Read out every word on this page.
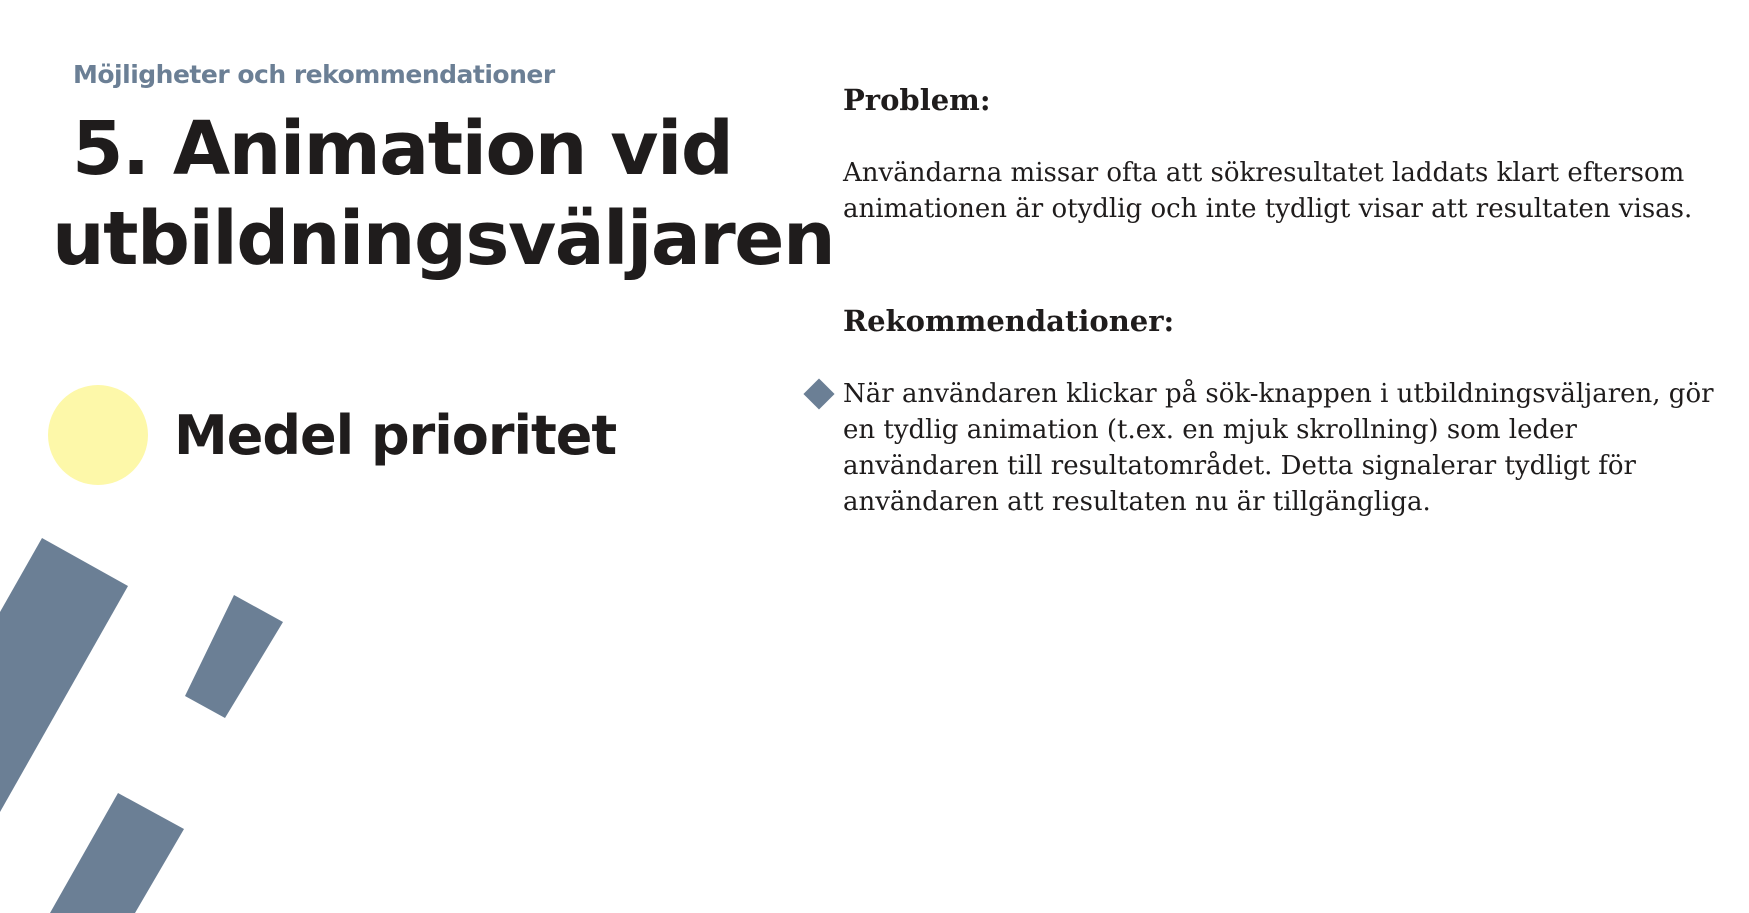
Möjligheter och rekommendationer
5. Animation vid
utbildningsväljaren
Medel prioritet
Problem:

Användarna missar ofta att sökresultatet laddats klart eftersom animationen är otydlig och inte tydligt visar att resultaten visas.

Rekommendationer:

När användaren klickar på sök-knappen i utbildningsväljaren, gör en tydlig animation (t.ex. en mjuk skrollning) som leder användaren till resultatområdet. Detta signalerar tydligt för användaren att resultaten nu är tillgängliga.
